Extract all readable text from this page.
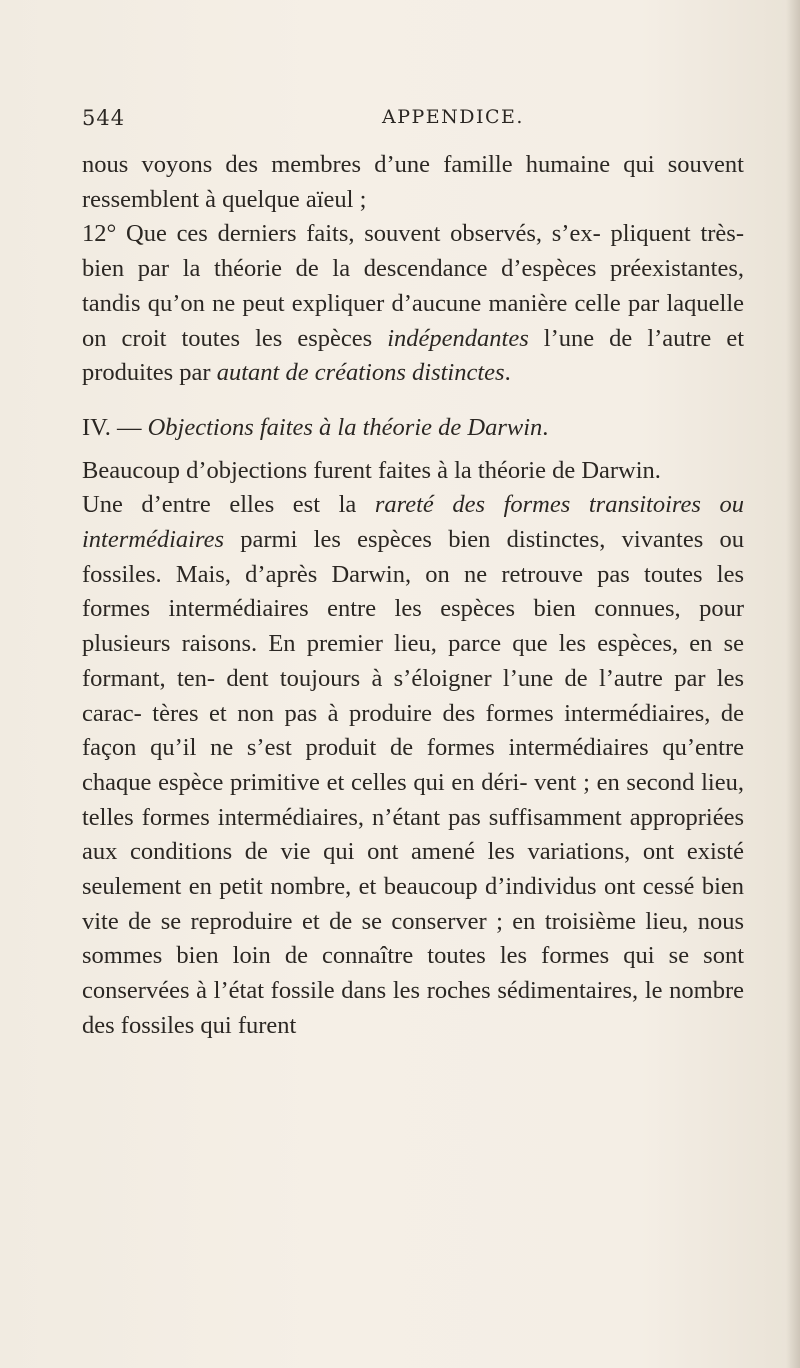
544	APPENDICE.

nous voyons des membres d’une famille humaine qui souvent ressemblent à quelque aïeul ;

12° Que ces derniers faits, souvent observés, s’ex- pliquent très-bien par la théorie de la descendance d’espèces préexistantes, tandis qu’on ne peut expliquer d’aucune manière celle par laquelle on croit toutes les espèces indépendantes l’une de l’autre et produites par autant de créations distinctes.

IV. — Objections faites à la théorie de Darwin.

Beaucoup d’objections furent faites à la théorie de Darwin.

Une d’entre elles est la rareté des formes transitoires ou intermédiaires parmi les espèces bien distinctes, vivantes ou fossiles. Mais, d’après Darwin, on ne retrouve pas toutes les formes intermédiaires entre les espèces bien connues, pour plusieurs raisons. En premier lieu, parce que les espèces, en se formant, ten- dent toujours à s’éloigner l’une de l’autre par les carac- tères et non pas à produire des formes intermédiaires, de façon qu’il ne s’est produit de formes intermédiaires qu’entre chaque espèce primitive et celles qui en déri- vent ; en second lieu, telles formes intermédiaires, n’étant pas suffisamment appropriées aux conditions de vie qui ont amené les variations, ont existé seulement en petit nombre, et beaucoup d’individus ont cessé bien vite de se reproduire et de se conserver ; en troisième lieu, nous sommes bien loin de connaître toutes les formes qui se sont conservées à l’état fossile dans les roches sédimentaires, le nombre des fossiles qui furent
